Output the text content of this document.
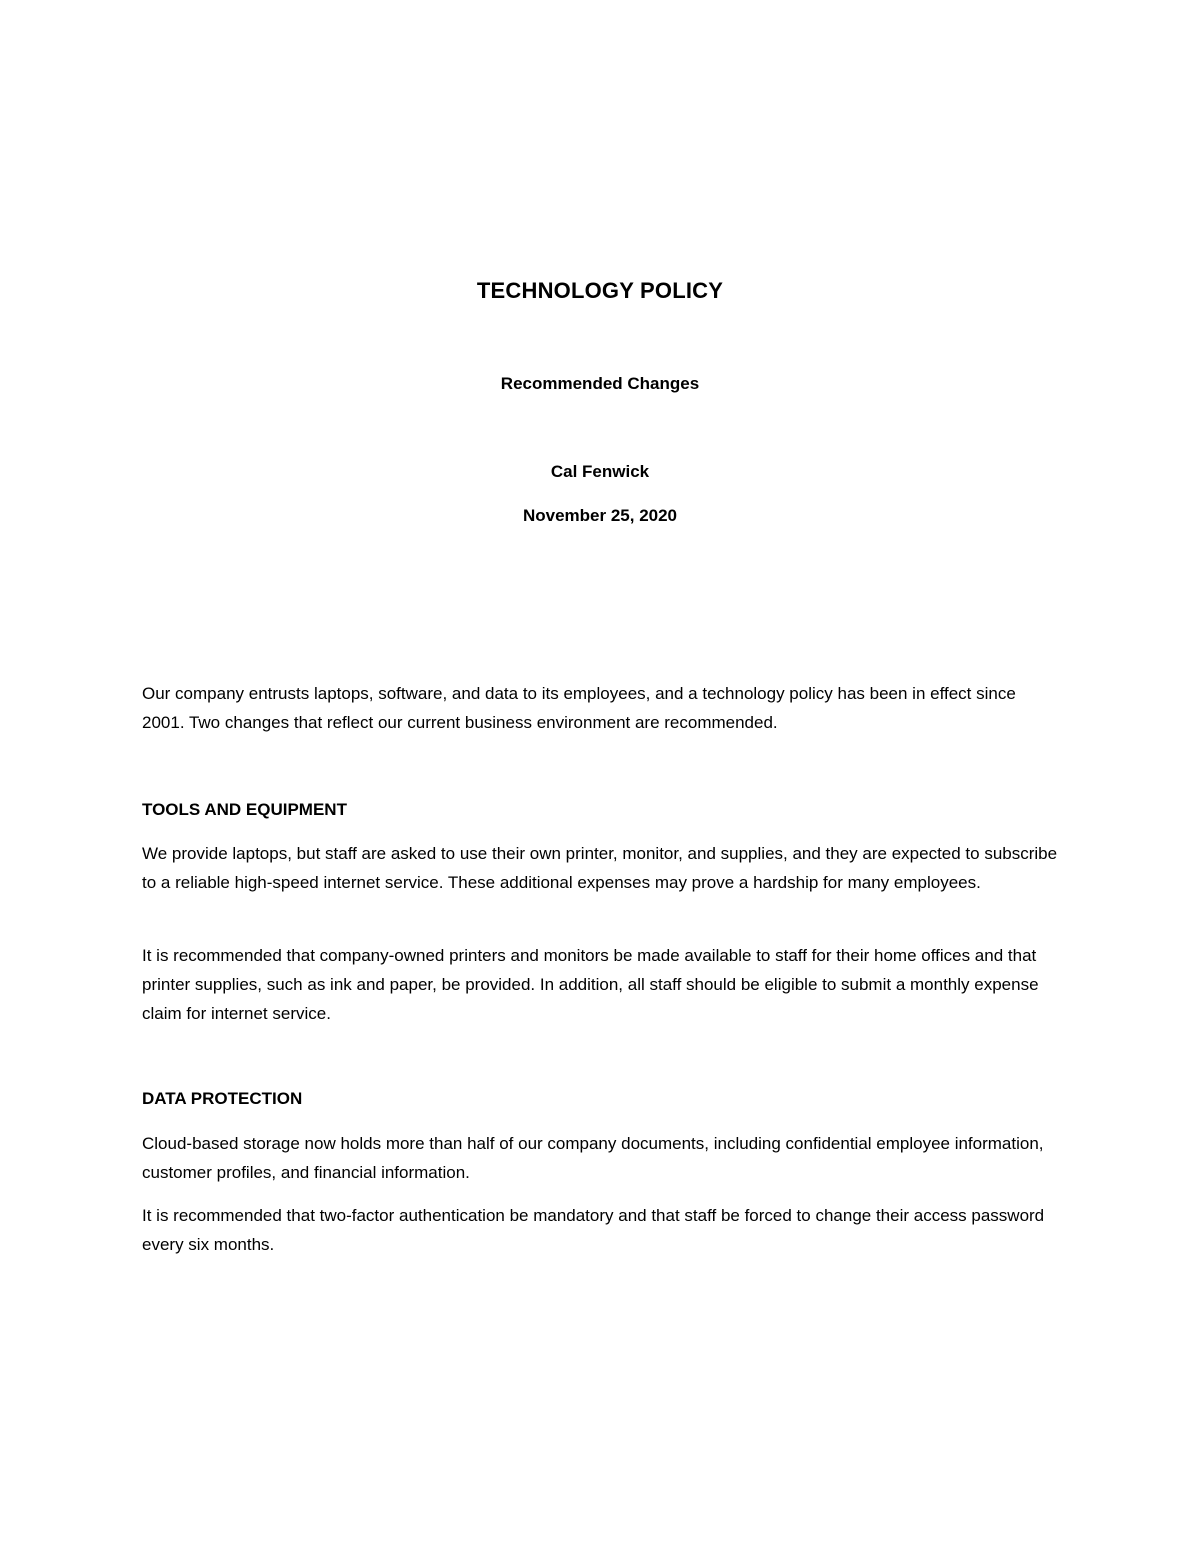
TECHNOLOGY POLICY

Recommended Changes

Cal Fenwick

November 25, 2020

Our company entrusts laptops, software, and data to its employees, and a technology policy has been in effect since 2001. Two changes that reflect our current business environment are recommended.

TOOLS AND EQUIPMENT

We provide laptops, but staff are asked to use their own printer, monitor, and supplies, and they are expected to subscribe to a reliable high-speed internet service. These additional expenses may prove a hardship for many employees.

It is recommended that company-owned printers and monitors be made available to staff for their home offices and that printer supplies, such as ink and paper, be provided. In addition, all staff should be eligible to submit a monthly expense claim for internet service.

DATA PROTECTION

Cloud-based storage now holds more than half of our company documents, including confidential employee information, customer profiles, and financial information.

It is recommended that two-factor authentication be mandatory and that staff be forced to change their access password every six months.
